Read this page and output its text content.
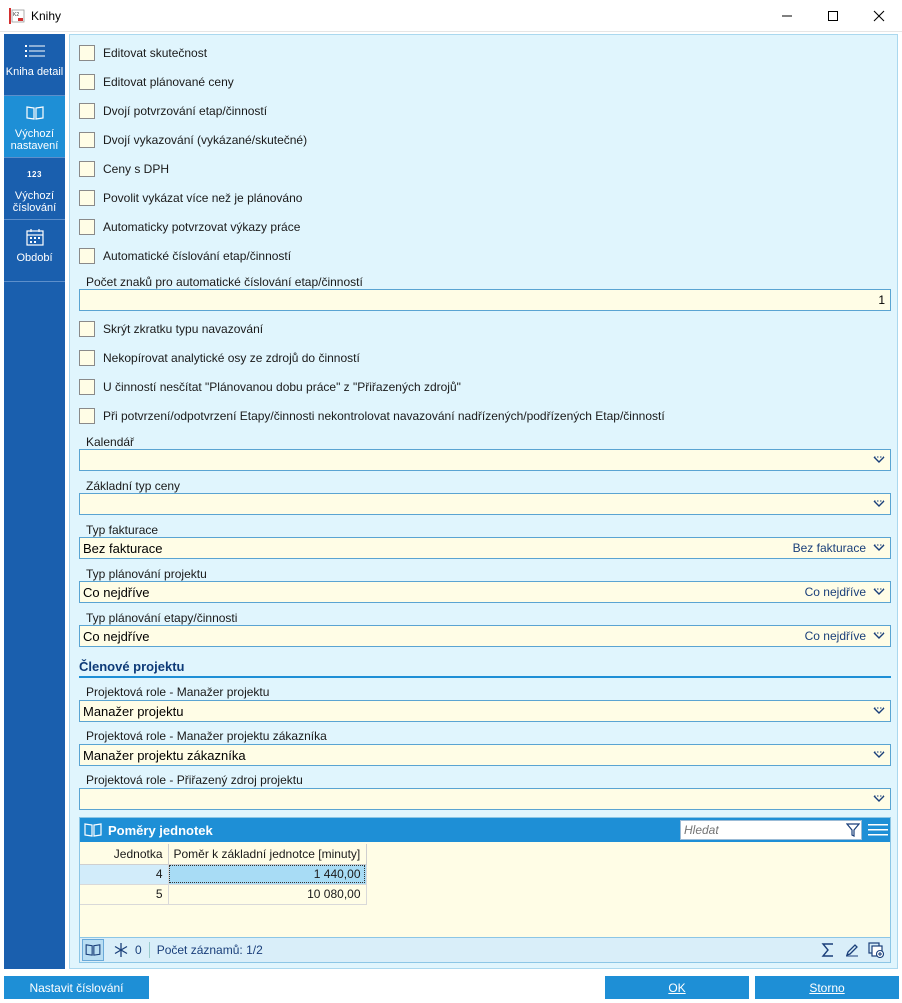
K2 Knihy
Kniha detail
Výchozí nastavení
123
Výchozí číslování
Období
Editovat skutečnost
Editovat plánované ceny
Dvojí potvrzování etap/činností
Dvojí vykazování (vykázané/skutečné)
Ceny s DPH
Povolit vykázat více než je plánováno
Automaticky potvrzovat výkazy práce
Automatické číslování etap/činností
Počet znaků pro automatické číslování etap/činností
1
Skrýt zkratku typu navazování
Nekopírovat analytické osy ze zdrojů do činností
U činností nesčítat "Plánovanou dobu práce" z "Přiřazených zdrojů"
Při potvrzení/odpotvrzení Etapy/činnosti nekontrolovat navazování nadřízených/podřízených Etap/činností
Kalendář
Základní typ ceny
Typ fakturace
Bez fakturace	Bez fakturace
Typ plánování projektu
Co nejdříve	Co nejdříve
Typ plánování etapy/činnosti
Co nejdříve	Co nejdříve
Členové projektu
Projektová role - Manažer projektu
Manažer projektu
Projektová role - Manažer projektu zákazníka
Manažer projektu zákazníka
Projektová role - Přiřazený zdroj projektu
Poměry jednotek
Hledat
Jednotka	Poměr k základní jednotce [minuty]
4	1 440,00
5	10 080,00
0 Počet záznamů: 1/2
Nastavit číslování	OK	Storno
